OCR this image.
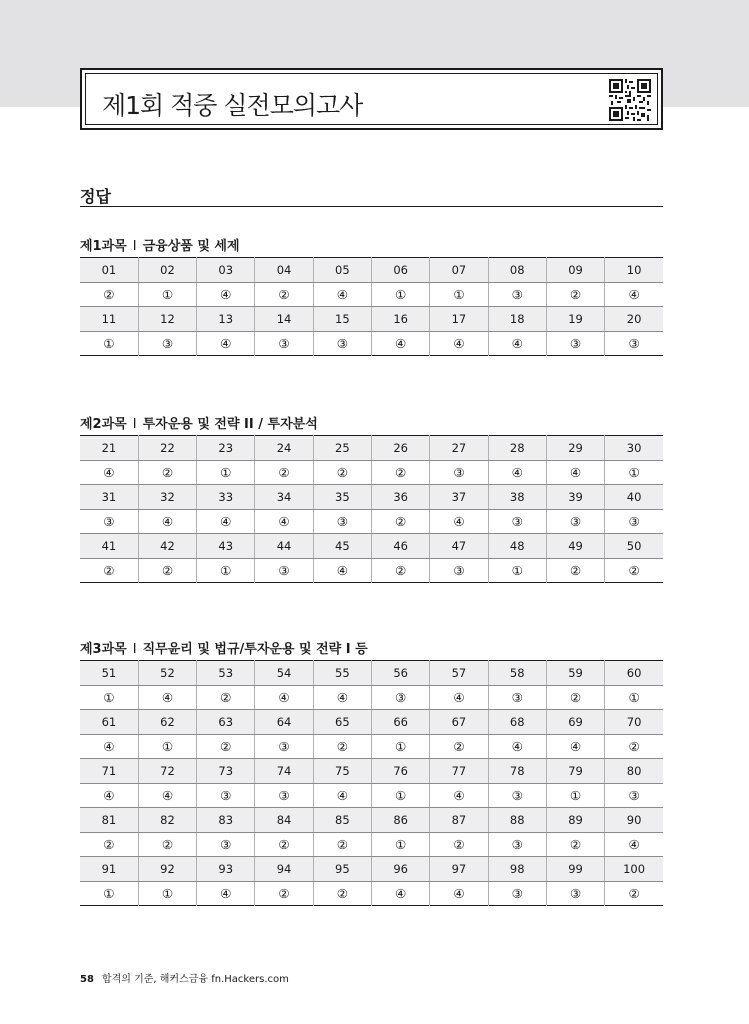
제1회 적중 실전모의고사
정답
제1과목 I 금융상품 및 세제
01	02	03	04	05	06	07	08	09	10
②	①	④	②	④	①	①	③	②	④
11	12	13	14	15	16	17	18	19	20
①	③	④	③	③	④	④	④	③	③
제2과목 I 투자운용 및 전략 II / 투자분석
21	22	23	24	25	26	27	28	29	30
④	②	①	②	②	②	③	④	④	①
31	32	33	34	35	36	37	38	39	40
③	④	④	④	③	②	④	③	③	③
41	42	43	44	45	46	47	48	49	50
②	②	①	③	④	②	③	①	②	②
제3과목 I 직무윤리 및 법규/투자운용 및 전략 I 등
51	52	53	54	55	56	57	58	59	60
①	④	②	④	④	③	④	③	②	①
61	62	63	64	65	66	67	68	69	70
④	①	②	③	②	①	②	④	④	②
71	72	73	74	75	76	77	78	79	80
④	④	③	③	④	①	④	③	①	③
81	82	83	84	85	86	87	88	89	90
②	②	③	②	②	①	②	③	②	④
91	92	93	94	95	96	97	98	99	100
①	①	④	②	②	④	④	③	③	②
58 합격의 기준, 해커스금융 fn.Hackers.com
